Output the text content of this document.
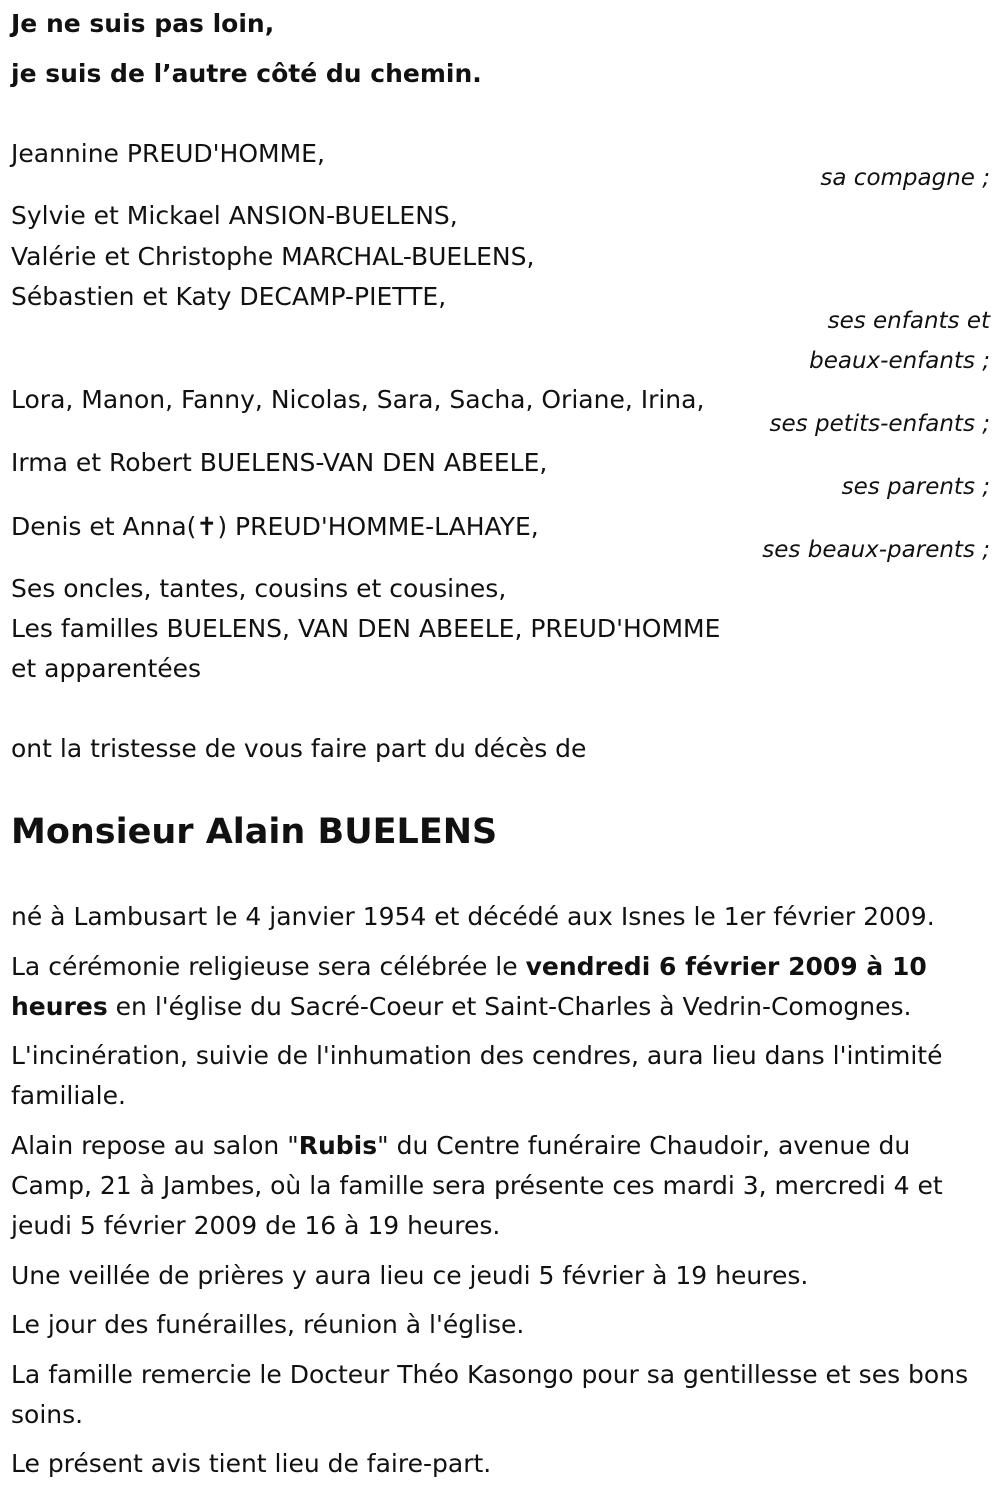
Je ne suis pas loin,

je suis de l’autre côté du chemin.

Jeannine PREUD'HOMME,

sa compagne ;

Sylvie et Mickael ANSION-BUELENS,

Valérie et Christophe MARCHAL-BUELENS,

Sébastien et Katy DECAMP-PIETTE,

ses enfants et

beaux-enfants ;

Lora, Manon, Fanny, Nicolas, Sara, Sacha, Oriane, Irina,

ses petits-enfants ;

Irma et Robert BUELENS-VAN DEN ABEELE,

ses parents ;

Denis et Anna(✝) PREUD'HOMME-LAHAYE,

ses beaux-parents ;

Ses oncles, tantes, cousins et cousines,

Les familles BUELENS, VAN DEN ABEELE, PREUD'HOMME

et apparentées

ont la tristesse de vous faire part du décès de

Monsieur Alain BUELENS

né à Lambusart le 4 janvier 1954 et décédé aux Isnes le 1er février 2009.

La cérémonie religieuse sera célébrée le vendredi 6 février 2009 à 10 heures en l'église du Sacré-Coeur et Saint-Charles à Vedrin-Comognes.

L'incinération, suivie de l'inhumation des cendres, aura lieu dans l'intimité familiale.

Alain repose au salon "Rubis" du Centre funéraire Chaudoir, avenue du Camp, 21 à Jambes, où la famille sera présente ces mardi 3, mercredi 4 et jeudi 5 février 2009 de 16 à 19 heures.

Une veillée de prières y aura lieu ce jeudi 5 février à 19 heures.

Le jour des funérailles, réunion à l'église.

La famille remercie le Docteur Théo Kasongo pour sa gentillesse et ses bons soins.

Le présent avis tient lieu de faire-part.
